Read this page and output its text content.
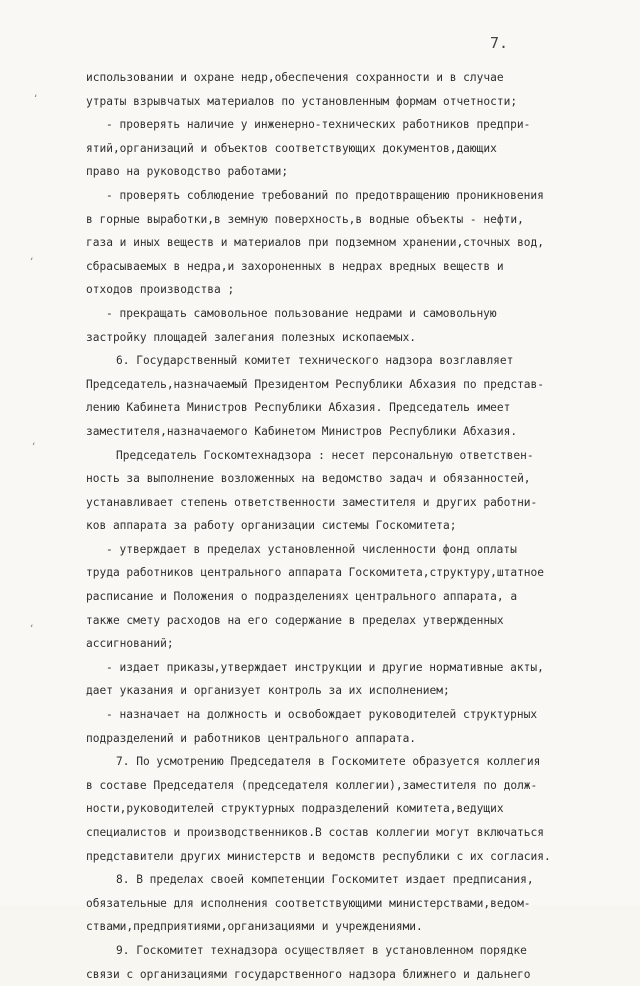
7.
ʻ
ʻ
ʻ
ʻ
использовании и охране недр,обеспечения сохранности и в случае
утраты взрывчатых материалов по установленным формам отчетности;
- проверять наличие у инженерно-технических работников предпри-
ятий,организаций и объектов соответствующих документов,дающих
право на руководство работами;
- проверять соблюдение требований по предотвращению проникновения
в горные выработки,в земную поверхность,в водные объекты - нефти,
газа и иных веществ и материалов при подземном хранении,сточных вод,
сбрасываемых в недра,и захороненных в недрах вредных веществ и
отходов производства ;
- прекращать самовольное пользование недрами и самовольную
застройку площадей залегания полезных ископаемых.
6. Государственный комитет технического надзора возглавляет
Председатель,назначаемый Президентом Республики Абхазия по представ-
лению Кабинета Министров Республики Абхазия. Председатель имеет
заместителя,назначаемого Кабинетом Министров Республики Абхазия.
Председатель Госкомтехнадзора : несет персональную ответствен-
ность за выполнение возложенных на ведомство задач и обязанностей,
устанавливает степень ответственности заместителя и других работни-
ков аппарата за работу организации системы Госкомитета;
- утверждает в пределах установленной численности фонд оплаты
труда работников центрального аппарата Госкомитета,структуру,штатное
расписание и Положения о подразделениях центрального аппарата, а
также смету расходов на его содержание в пределах утвержденных
ассигнований;
- издает приказы,утверждает инструкции и другие нормативные акты,
дает указания и организует контроль за их исполнением;
- назначает на должность и освобождает руководителей структурных
подразделений и работников центрального аппарата.
7. По усмотрению Председателя в Госкомитете образуется коллегия
в составе Председателя (председателя коллегии),заместителя по долж-
ности,руководителей структурных подразделений комитета,ведущих
специалистов и производственников.В состав коллегии могут включаться
представители других министерств и ведомств республики с их согласия.
8. В пределах своей компетенции Госкомитет издает предписания,
обязательные для исполнения соответствующими министерствами,ведом-
ствами,предприятиями,организациями и учреждениями.
9. Госкомитет технадзора осуществляет в установленном порядке
связи с организациями государственного надзора ближнего и дальнего
